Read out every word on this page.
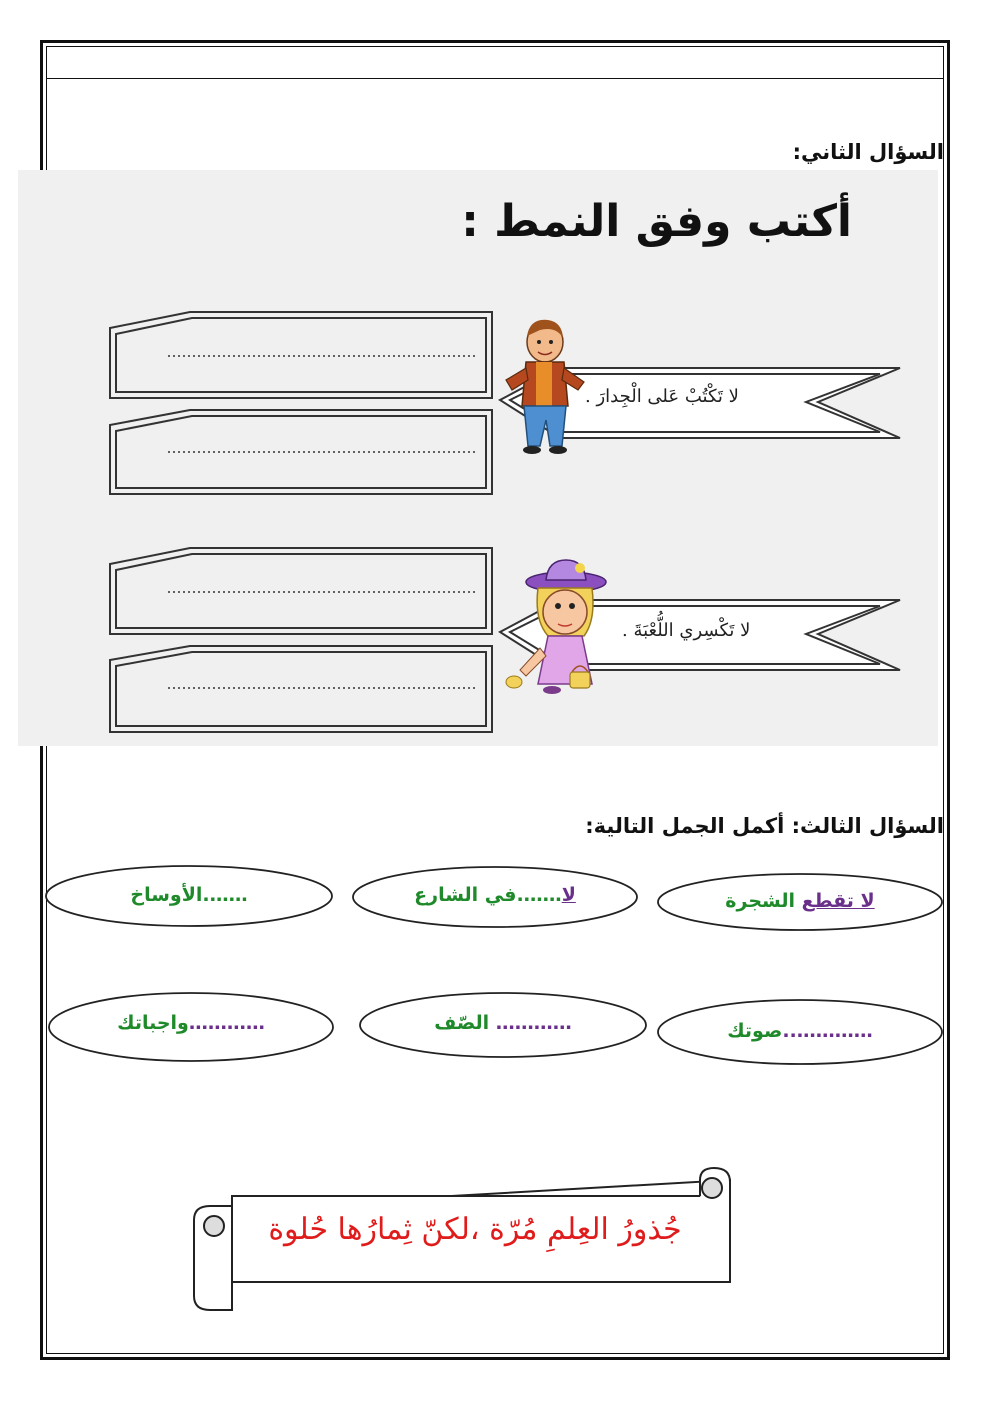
السؤال الثاني:
أكتب وفق النمط :
لا تَكْتُبْ عَلى الْجِدارَ .
لا تَكْسِري اللُّعْبَةَ .
السؤال الثالث: أكمل الجمل التالية:
لا تقطع الشجرة
لا…….في الشارع
…….الأوساخ
…………..صوتك
………… الصّف
…………واجباتك
جُذورُ العِلمِ مُرّة ،لكنّ ثِمارُها حُلوة
